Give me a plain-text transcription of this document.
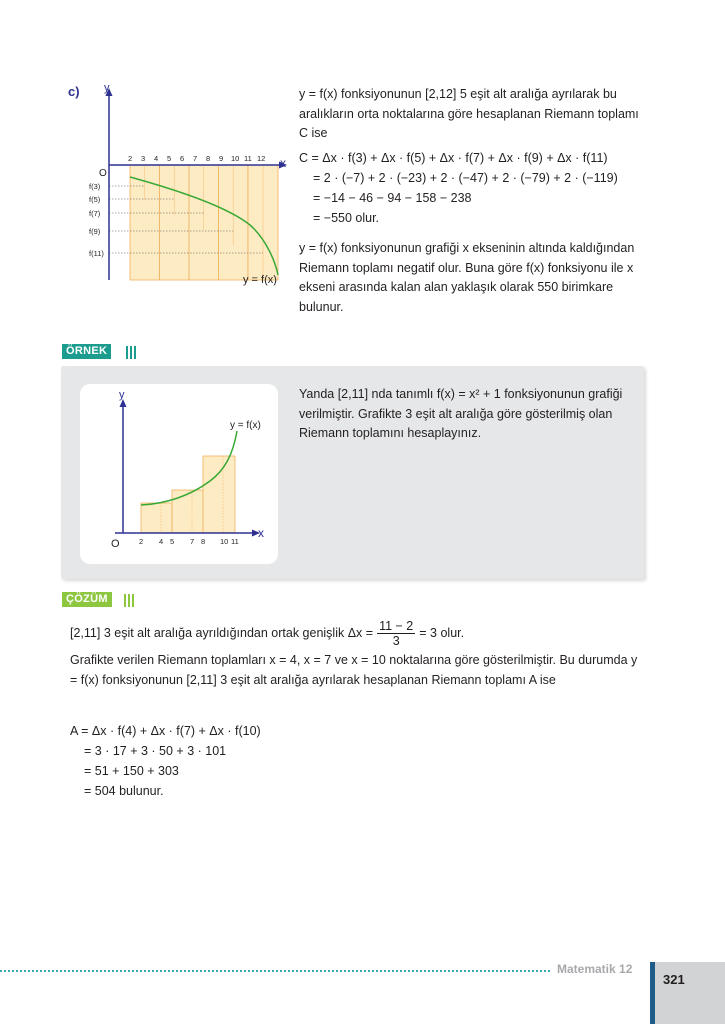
c) y
x
O
2 3 4 5 6 7 8 9 10 11 12
f(3)
f(5)
f(7)
f(9)
f(11)
y = f(x)
y = f(x) fonksiyonunun [2,12] 5 eşit alt aralığa ayrılarak bu aralıkların orta noktalarına göre hesaplanan Riemann toplamı C ise
C = Δx · f(3) + Δx · f(5) + Δx · f(7) + Δx · f(9) + Δx · f(11)
= 2 · (−7) + 2 · (−23) + 2 · (−47) + 2 · (−79) + 2 · (−119)
= −14 − 46 − 94 − 158 − 238
= −550 olur.
y = f(x) fonksiyonunun grafiği x ekseninin altında kaldığından Riemann toplamı negatif olur. Buna göre f(x) fonksiyonu ile x ekseni arasında kalan alan yaklaşık olarak 550 birimkare bulunur.
ÖRNEK
y
x
O	2 4 5 7 8 10 11
y = f(x)
Yanda [2,11] nda tanımlı f(x) = x² + 1 fonksiyonunun grafiği verilmiştir. Grafikte 3 eşit alt aralığa göre gösterilmiş olan Riemann toplamını hesaplayınız.
ÇÖZÜM
[2,11] 3 eşit alt aralığa ayrıldığından ortak genişlik $\Delta x = \frac{11 - 2}{3} = 3$ olur.
Grafikte verilen Riemann toplamları x = 4, x = 7 ve x = 10 noktalarına göre gösterilmiştir. Bu durumda y = f(x) fonksiyonunun [2,11] 3 eşit alt aralığa ayrılarak hesaplanan Riemann toplamı A ise
A = Δx · f(4) + Δx · f(7) + Δx · f(10)
= 3 · 17 + 3 · 50 + 3 · 101
= 51 + 150 + 303
= 504 bulunur.
Matematik 12
321
